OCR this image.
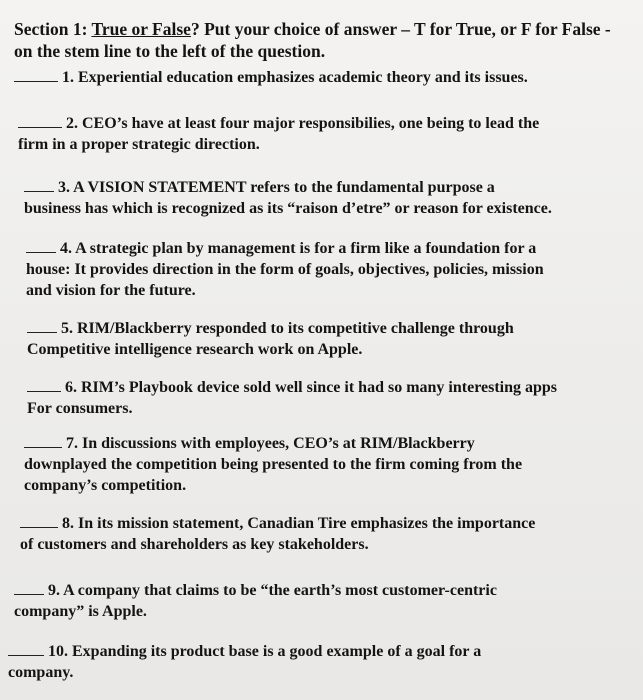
Section 1: True or False? Put your choice of answer – T for True, or F for False - on the stem line to the left of the question.
1. Experiential education emphasizes academic theory and its issues.
2. CEO’s have at least four major responsibilies, one being to lead the
firm in a proper strategic direction.
3. A VISION STATEMENT refers to the fundamental purpose a
business has which is recognized as its “raison d’etre” or reason for existence.
4. A strategic plan by management is for a firm like a foundation for a
house: It provides direction in the form of goals, objectives, policies, mission
and vision for the future.
5. RIM/Blackberry responded to its competitive challenge through
Competitive intelligence research work on Apple.
6. RIM’s Playbook device sold well since it had so many interesting apps
For consumers.
7. In discussions with employees, CEO’s at RIM/Blackberry
downplayed the competition being presented to the firm coming from the
company’s competition.
8. In its mission statement, Canadian Tire emphasizes the importance
of customers and shareholders as key stakeholders.
9. A company that claims to be “the earth’s most customer-centric
company” is Apple.
10. Expanding its product base is a good example of a goal for a
company.
